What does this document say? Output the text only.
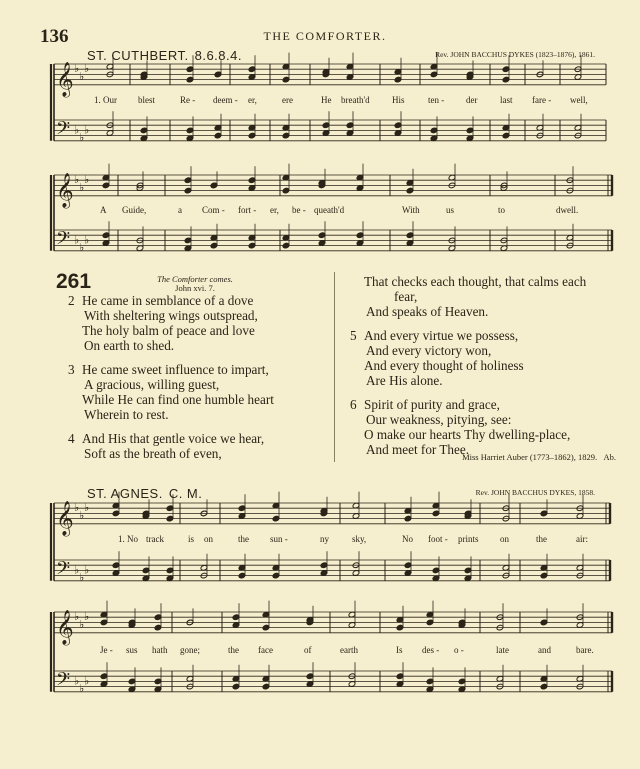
136	THE COMFORTER.
ST. CUTHBERT. 8.6.8.4.	Rev. JOHN BACCHUS DYKES (1823–1876), 1861.
ST. AGNES. C. M.	Rev. JOHN BACCHUS DYKES, 1858.
𝄞
𝄢
♭
♭
♭
♭
♭
♭
𝄞
𝄢
♭
♭
♭
♭
♭
♭
𝄞
𝄢
♭
♭
♭
♭
♭
♭
𝄞
𝄢
♭
♭
♭
♭
♭
♭
1. Our blest	Re - deem - er,	ere	He breath'd His	ten - der	last fare - well,
A Guide,	a Com - fort - er, be - queath'd	With	us	to	dwell.
1. No track	is on	the sun -	ny	sky,	No foot - prints on	the	air:
Je - sus hath gone;	the face	of	earth	Is des - o -	late	and	bare.
261	The Comforter comes.
John xvi. 7.
2 He came in semblance of a dove
With sheltering wings outspread,
The holy balm of peace and love
On earth to shed.
3 He came sweet influence to impart,
A gracious, willing guest,
While He can find one humble heart
Wherein to rest.
4 And His that gentle voice we hear,
Soft as the breath of even,
That checks each thought, that calms each
fear,
And speaks of Heaven.
5 And every virtue we possess,
And every victory won,
And every thought of holiness
Are His alone.
6 Spirit of purity and grace,
Our weakness, pitying, see:
O make our hearts Thy dwelling-place,
And meet for Thee.
Miss Harriet Auber (1773–1862), 1829. Ab.
